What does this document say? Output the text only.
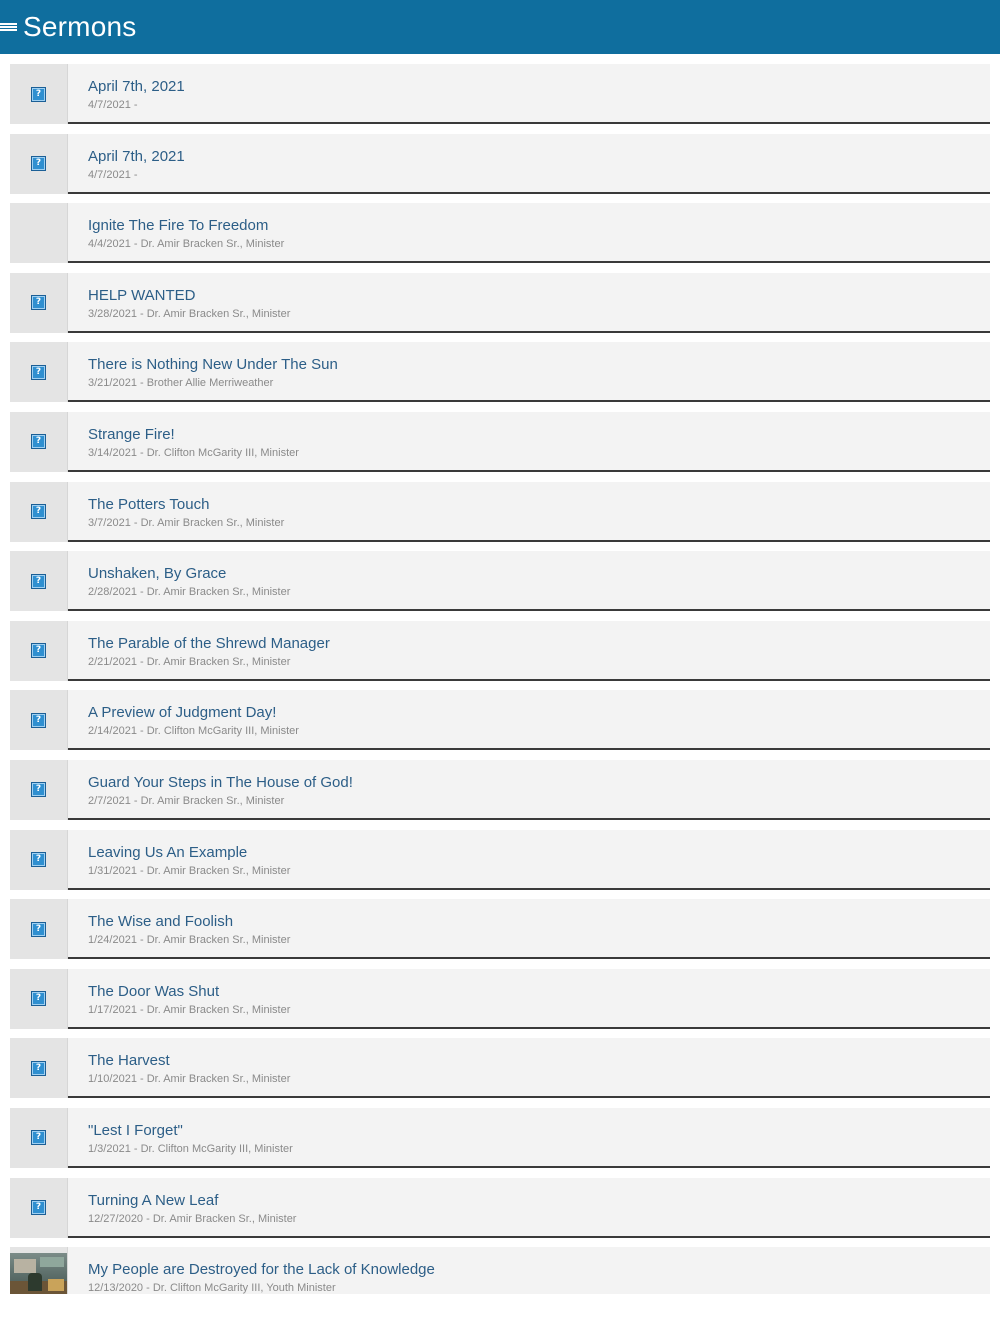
Sermons
?	April 7th, 2021
4/7/2021 -
?	April 7th, 2021
4/7/2021 -
Ignite The Fire To Freedom
4/4/2021 - Dr. Amir Bracken Sr., Minister
?	HELP WANTED
3/28/2021 - Dr. Amir Bracken Sr., Minister
?	There is Nothing New Under The Sun
3/21/2021 - Brother Allie Merriweather
?	Strange Fire!
3/14/2021 - Dr. Clifton McGarity III, Minister
?	The Potters Touch
3/7/2021 - Dr. Amir Bracken Sr., Minister
?	Unshaken, By Grace
2/28/2021 - Dr. Amir Bracken Sr., Minister
?	The Parable of the Shrewd Manager
2/21/2021 - Dr. Amir Bracken Sr., Minister
?	A Preview of Judgment Day!
2/14/2021 - Dr. Clifton McGarity III, Minister
?	Guard Your Steps in The House of God!
2/7/2021 - Dr. Amir Bracken Sr., Minister
?	Leaving Us An Example
1/31/2021 - Dr. Amir Bracken Sr., Minister
?	The Wise and Foolish
1/24/2021 - Dr. Amir Bracken Sr., Minister
?	The Door Was Shut
1/17/2021 - Dr. Amir Bracken Sr., Minister
?	The Harvest
1/10/2021 - Dr. Amir Bracken Sr., Minister
?	"Lest I Forget"
1/3/2021 - Dr. Clifton McGarity III, Minister
?	Turning A New Leaf
12/27/2020 - Dr. Amir Bracken Sr., Minister
My People are Destroyed for the Lack of Knowledge
12/13/2020 - Dr. Clifton McGarity III, Youth Minister
